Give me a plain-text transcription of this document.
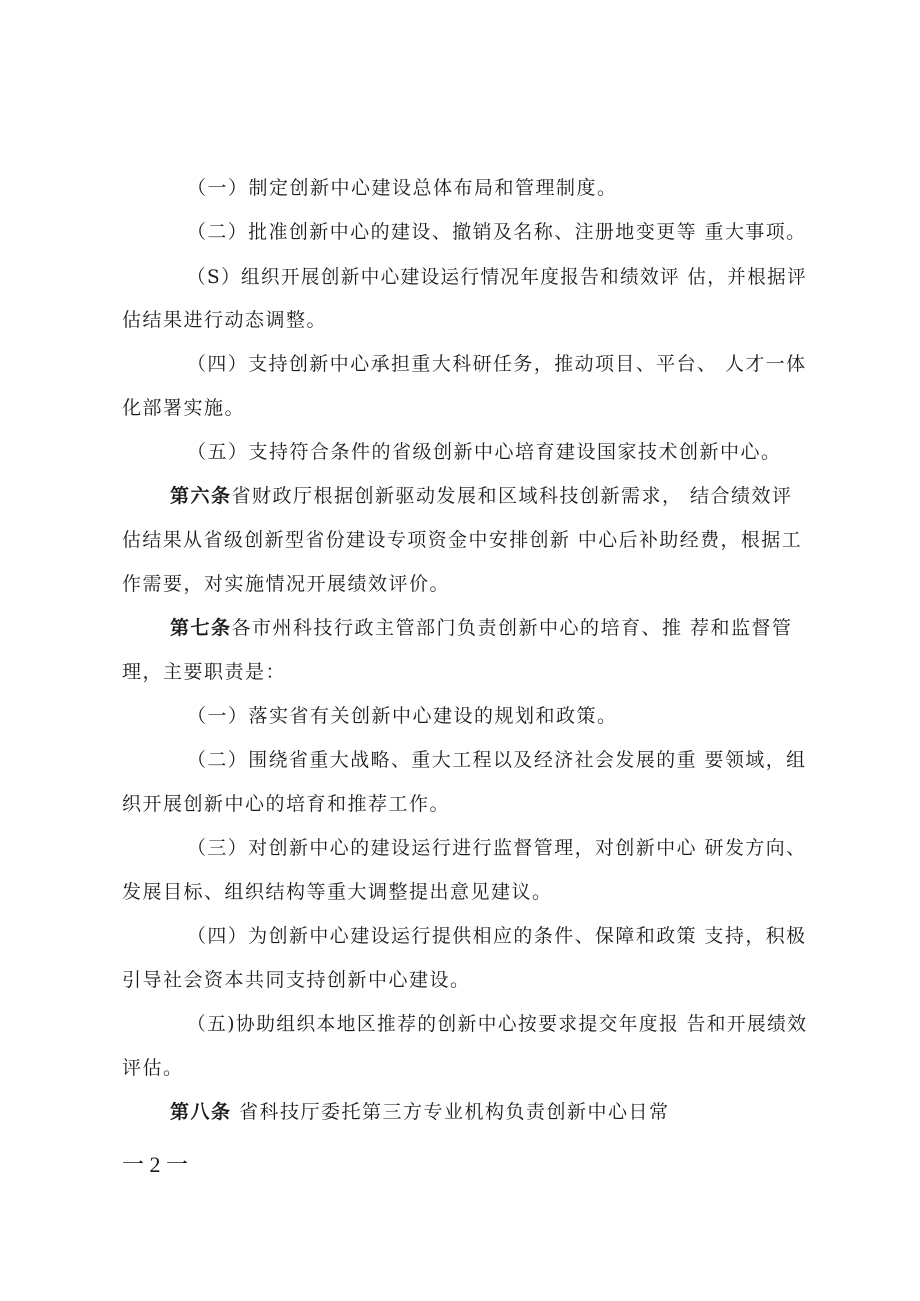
（一）制定创新中心建设总体布局和管理制度。
（二）批准创新中心的建设、撤销及名称、注册地变更等 重大事项。
（S）组织开展创新中心建设运行情况年度报告和绩效评 估，并根据评
估结果进行动态调整。
（四）支持创新中心承担重大科研任务，推动项目、平台、 人才一体
化部署实施。
（五）支持符合条件的省级创新中心培育建设国家技术创新中心。
第六条省财政厅根据创新驱动发展和区域科技创新需求， 结合绩效评
估结果从省级创新型省份建设专项资金中安排创新 中心后补助经费，根据工
作需要，对实施情况开展绩效评价。
第七条各市州科技行政主管部门负责创新中心的培育、推 荐和监督管
理，主要职责是：
（一）落实省有关创新中心建设的规划和政策。
（二）围绕省重大战略、重大工程以及经济社会发展的重 要领域，组
织开展创新中心的培育和推荐工作。
（三）对创新中心的建设运行进行监督管理，对创新中心 研发方向、
发展目标、组织结构等重大调整提出意见建议。
（四）为创新中心建设运行提供相应的条件、保障和政策 支持，积极
引导社会资本共同支持创新中心建设。
（五)协助组织本地区推荐的创新中心按要求提交年度报 告和开展绩效
评估。
第八条 省科技厅委托第三方专业机构负责创新中心日常
一 2 一
